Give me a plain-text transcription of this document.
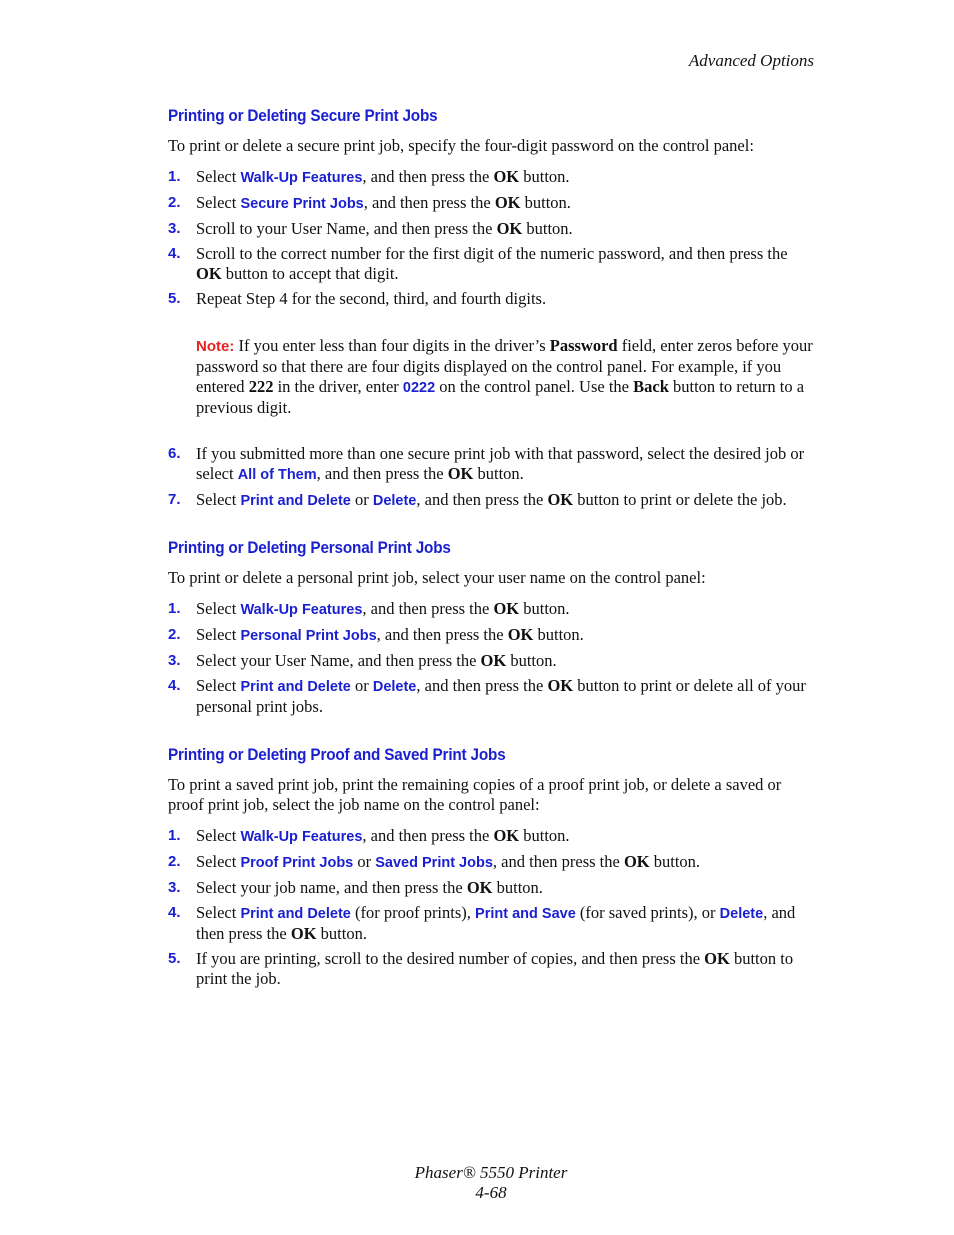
Advanced Options
Printing or Deleting Secure Print Jobs

To print or delete a secure print job, specify the four-digit password on the control panel:

1. Select Walk-Up Features, and then press the OK button.
2. Select Secure Print Jobs, and then press the OK button.
3. Scroll to your User Name, and then press the OK button.
4. Scroll to the correct number for the first digit of the numeric password, and then press the OK button to accept that digit.
5. Repeat Step 4 for the second, third, and fourth digits.
Note: If you enter less than four digits in the driver’s Password field, enter zeros before your password so that there are four digits displayed on the control panel. For example, if you entered 222 in the driver, enter 0222 on the control panel. Use the Back button to return to a previous digit.
6. If you submitted more than one secure print job with that password, select the desired job or select All of Them, and then press the OK button.
7. Select Print and Delete or Delete, and then press the OK button to print or delete the job.
Printing or Deleting Personal Print Jobs

To print or delete a personal print job, select your user name on the control panel:

1. Select Walk-Up Features, and then press the OK button.
2. Select Personal Print Jobs, and then press the OK button.
3. Select your User Name, and then press the OK button.
4. Select Print and Delete or Delete, and then press the OK button to print or delete all of your personal print jobs.
Printing or Deleting Proof and Saved Print Jobs

To print a saved print job, print the remaining copies of a proof print job, or delete a saved or proof print job, select the job name on the control panel:

1. Select Walk-Up Features, and then press the OK button.
2. Select Proof Print Jobs or Saved Print Jobs, and then press the OK button.
3. Select your job name, and then press the OK button.
4. Select Print and Delete (for proof prints), Print and Save (for saved prints), or Delete, and then press the OK button.
5. If you are printing, scroll to the desired number of copies, and then press the OK button to print the job.
Phaser® 5550 Printer
4-68
